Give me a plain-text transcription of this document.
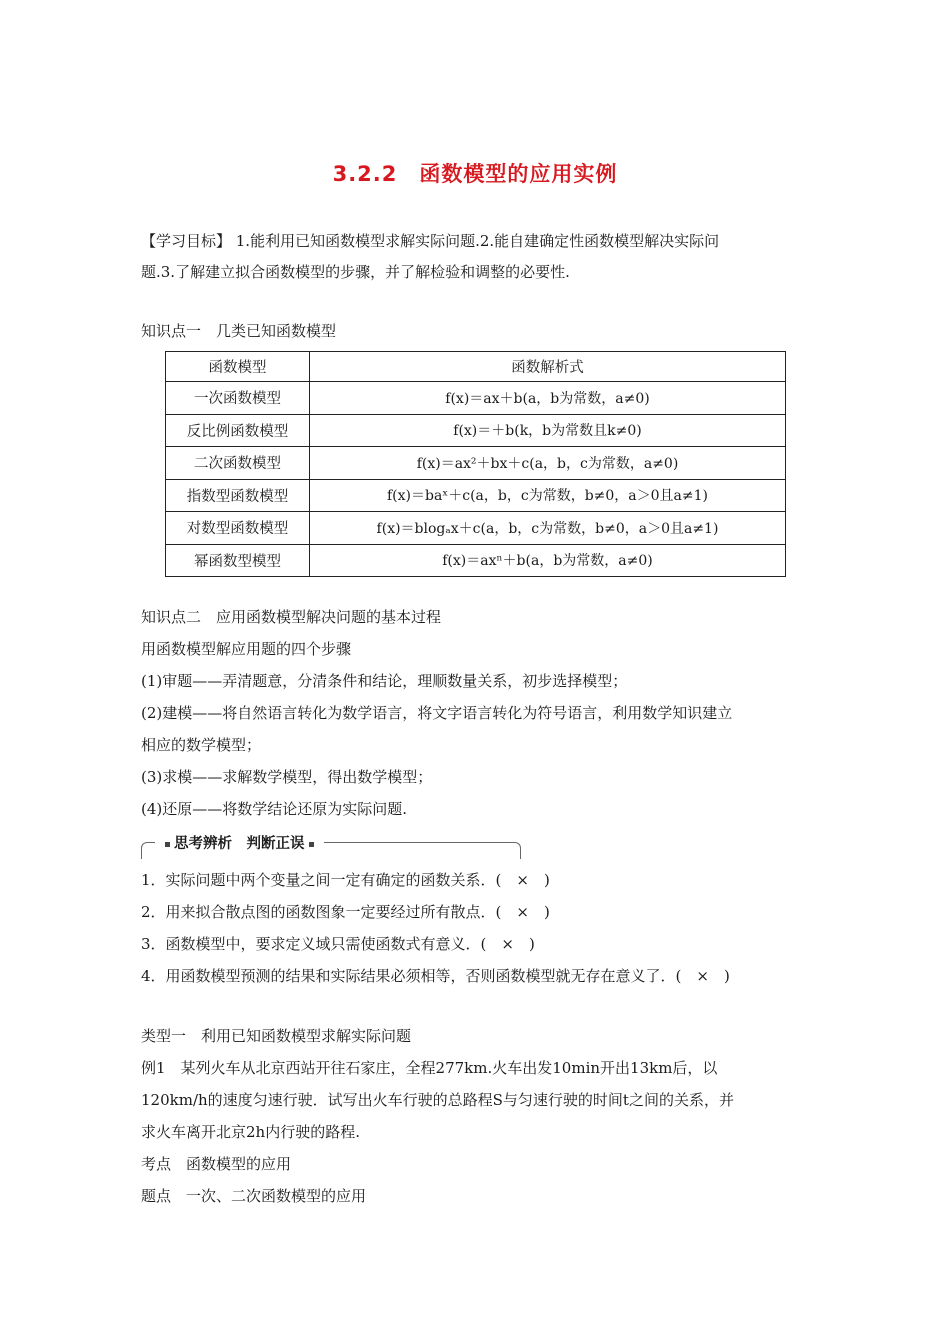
3.2.2　函数模型的应用实例
【学习目标】 1.能利用已知函数模型求解实际问题.2.能自建确定性函数模型解决实际问
题.3.了解建立拟合函数模型的步骤，并了解检验和调整的必要性.
知识点一　几类已知函数模型
函数模型	函数解析式
一次函数模型	f(x)＝ax＋b(a，b为常数，a≠0)
反比例函数模型	f(x)＝＋b(k，b为常数且k≠0)
二次函数模型	f(x)＝ax²＋bx＋c(a，b，c为常数，a≠0)
指数型函数模型	f(x)＝baˣ＋c(a，b，c为常数，b≠0，a＞0且a≠1)
对数型函数模型	f(x)＝blogₐx＋c(a，b，c为常数，b≠0，a＞0且a≠1)
幂函数型模型	f(x)＝axⁿ＋b(a，b为常数，a≠0)
知识点二　应用函数模型解决问题的基本过程
用函数模型解应用题的四个步骤
(1)审题——弄清题意，分清条件和结论，理顺数量关系，初步选择模型；
(2)建模——将自然语言转化为数学语言，将文字语言转化为符号语言，利用数学知识建立
相应的数学模型；
(3)求模——求解数学模型，得出数学模型；
(4)还原——将数学结论还原为实际问题.
思考辨析　判断正误
1．实际问题中两个变量之间一定有确定的函数关系．(　×　)
2．用来拟合散点图的函数图象一定要经过所有散点．(　×　)
3．函数模型中，要求定义域只需使函数式有意义．(　×　)
4．用函数模型预测的结果和实际结果必须相等，否则函数模型就无存在意义了．(　×　)
类型一　利用已知函数模型求解实际问题
例1　某列火车从北京西站开往石家庄，全程277km.火车出发10min开出13km后，以
120km/h的速度匀速行驶．试写出火车行驶的总路程S与匀速行驶的时间t之间的关系，并
求火车离开北京2h内行驶的路程.
考点　函数模型的应用
题点　一次、二次函数模型的应用
